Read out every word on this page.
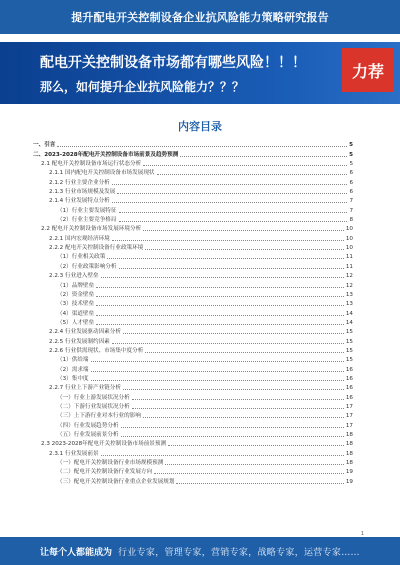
提升配电开关控制设备企业抗风险能力策略研究报告
配电开关控制设备市场都有哪些风险！！！
那么，如何提升企业抗风险能力？？？
力荐
内容目录
一、引言	5
二、2023-2028年配电开关控制设备市场前景及趋势预测	5
2.1 配电开关控制设备市场运行状态分析	5
2.1.1 国内配电开关控制设备市场发展现状	6
2.1.2 行业主要企业分析	6
2.1.3 行业市场规模及发展	6
2.1.4 行业发展特点分析	7
（1）行业主要发展特征	7
（2）行业主要竞争格局	8
2.2 配电开关控制设备市场发展环境分析	10
2.2.1 国内宏观经济环境	10
2.2.2 配电开关控制设备行业政策环境	10
（1）行业相关政策	11
（2）行业政策影响分析	11
2.2.3 行业进入壁垒	12
（1）品牌壁垒	12
（2）资金壁垒	13
（3）技术壁垒	13
（4）渠道壁垒	14
（5）人才壁垒	14
2.2.4 行业发展驱动因素分析	15
2.2.5 行业发展制约因素	15
2.2.6 行业供需现状、市场集中度分析	15
（1）供给端	15
（2）需求端	16
（3）集中度	16
2.2.7 行业上下游产业链分析	16
（一）行业上游发展状况分析	16
（二）下游行业发展状况分析	17
（三）上下游行业对本行业的影响	17
（四）行业发展趋势分析	17
（五）行业发展前景分析	18
2.3 2023-2028年配电开关控制设备市场前景预测	18
2.3.1 行业发展前景	18
（一）配电开关控制设备行业市场规模预测	18
（二）配电开关控制设备行业发展方向	19
（三）配电开关控制设备行业重点企业发展规划	19
1
让每个人都能成为 行业专家，管理专家，营销专家，战略专家，运营专家……
